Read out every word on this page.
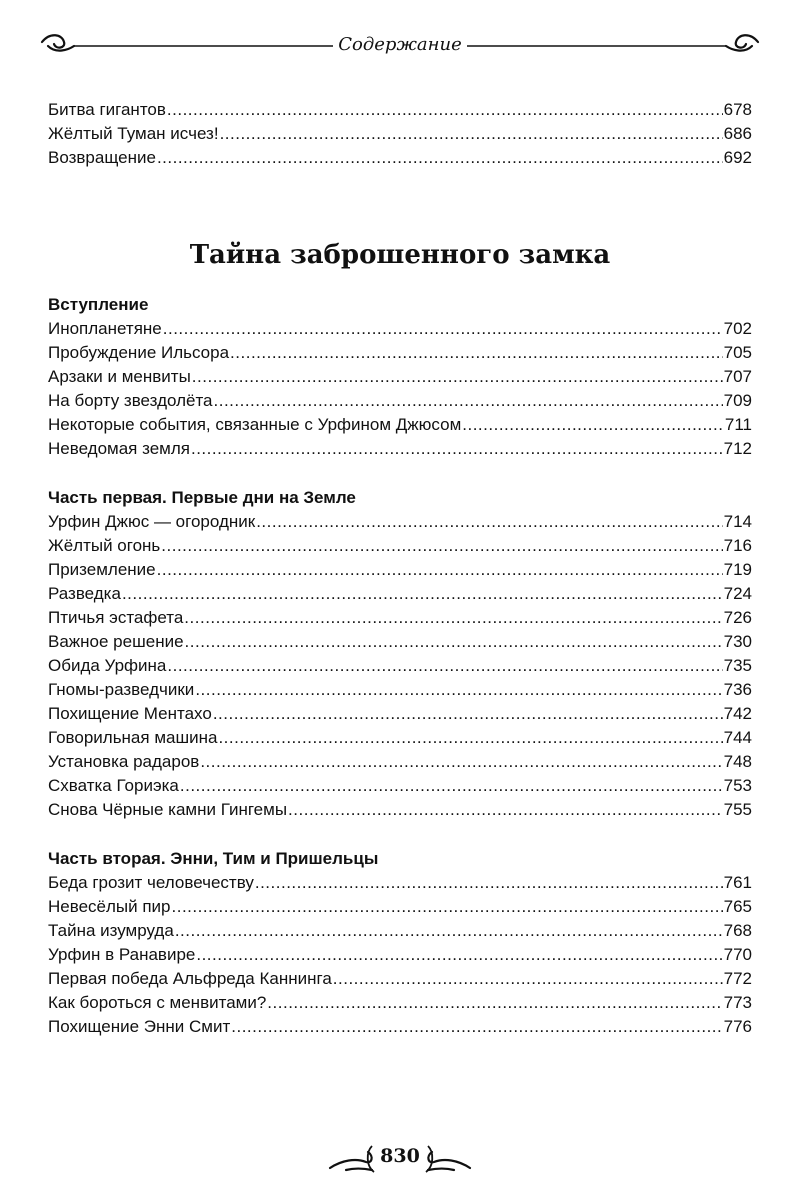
Содержание
Битва гигантов .....	678
Жёлтый Туман исчез! .....	686
Возвращение .....	692
Тайна заброшенного замка
Вступление
Инопланетяне .....	702
Пробуждение Ильсора .....	705
Арзаки и менвиты .....	707
На борту звездолёта .....	709
Некоторые события, связанные с Урфином Джюсом .....	711
Неведомая земля .....	712
Часть первая. Первые дни на Земле
Урфин Джюс — огородник .....	714
Жёлтый огонь .....	716
Приземление .....	719
Разведка .....	724
Птичья эстафета .....	726
Важное решение .....	730
Обида Урфина .....	735
Гномы-разведчики .....	736
Похищение Ментахо .....	742
Говорильная машина .....	744
Установка радаров .....	748
Схватка Гориэка .....	753
Снова Чёрные камни Гингемы .....	755
Часть вторая. Энни, Тим и Пришельцы
Беда грозит человечеству .....	761
Невесёлый пир .....	765
Тайна изумруда .....	768
Урфин в Ранавире .....	770
Первая победа Альфреда Каннинга .....	772
Как бороться с менвитами? .....	773
Похищение Энни Смит .....	776
830
